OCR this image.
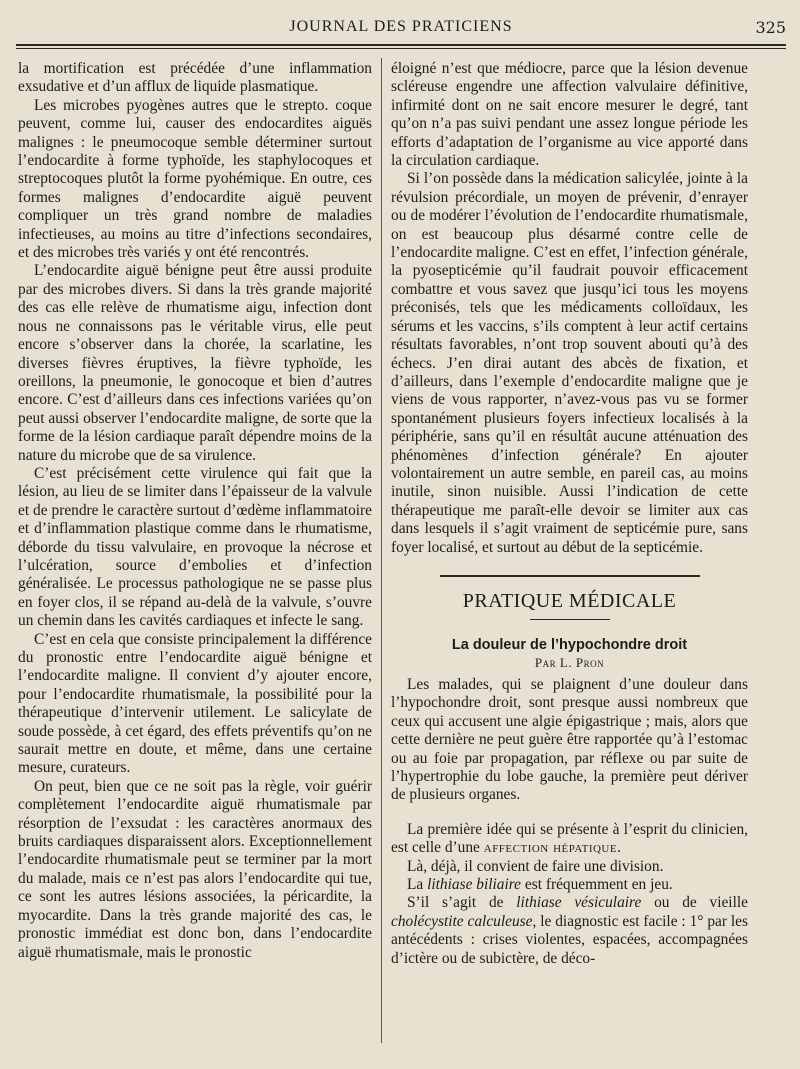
JOURNAL DES PRATICIENS	325

la mortification est précédée d’une inflammation exsudative et d’un afflux de liquide plasmatique.

Les microbes pyogènes autres que le strepto. coque peuvent, comme lui, causer des endocardites aiguës malignes : le pneumocoque semble déterminer surtout l’endocardite à forme typhoïde, les staphylocoques et streptocoques plutôt la forme pyohémique. En outre, ces formes malignes d’endocardite aiguë peuvent compliquer un très grand nombre de maladies infectieuses, au moins au titre d’infections secondaires, et des microbes très variés y ont été rencontrés.

L’endocardite aiguë bénigne peut être aussi produite par des microbes divers. Si dans la très grande majorité des cas elle relève de rhumatisme aigu, infection dont nous ne connaissons pas le véritable virus, elle peut encore s’observer dans la chorée, la scarlatine, les diverses fièvres éruptives, la fièvre typhoïde, les oreillons, la pneumonie, le gonocoque et bien d’autres encore. C’est d’ailleurs dans ces infections variées qu’on peut aussi observer l’endocardite maligne, de sorte que la forme de la lésion cardiaque paraît dépendre moins de la nature du microbe que de sa virulence.

C’est précisément cette virulence qui fait que la lésion, au lieu de se limiter dans l’épaisseur de la valvule et de prendre le caractère surtout d’œdème inflammatoire et d’inflammation plastique comme dans le rhumatisme, déborde du tissu valvulaire, en provoque la nécrose et l’ulcération, source d’embolies et d’infection généralisée. Le processus pathologique ne se passe plus en foyer clos, il se répand au-delà de la valvule, s’ouvre un chemin dans les cavités cardiaques et infecte le sang.

C’est en cela que consiste principalement la différence du pronostic entre l’endocardite aiguë bénigne et l’endocardite maligne. Il convient d’y ajouter encore, pour l’endocardite rhumatismale, la possibilité pour la thérapeutique d’intervenir utilement. Le salicylate de soude possède, à cet égard, des effets préventifs qu’on ne saurait mettre en doute, et même, dans une certaine mesure, curateurs.

On peut, bien que ce ne soit pas la règle, voir guérir complètement l’endocardite aiguë rhumatismale par résorption de l’exsudat : les caractères anormaux des bruits cardiaques disparaissent alors. Exceptionnellement l’endocardite rhumatismale peut se terminer par la mort du malade, mais ce n’est pas alors l’endocardite qui tue, ce sont les autres lésions associées, la péricardite, la myocardite. Dans la très grande majorité des cas, le pronostic immédiat est donc bon, dans l’endocardite aiguë rhumatismale, mais le pronostic

éloigné n’est que médiocre, parce que la lésion devenue scléreuse engendre une affection valvulaire définitive, infirmité dont on ne sait encore mesurer le degré, tant qu’on n’a pas suivi pendant une assez longue période les efforts d’adaptation de l’organisme au vice apporté dans la circulation cardiaque.

Si l’on possède dans la médication salicylée, jointe à la révulsion précordiale, un moyen de prévenir, d’enrayer ou de modérer l’évolution de l’endocardite rhumatismale, on est beaucoup plus désarmé contre celle de l’endocardite maligne. C’est en effet, l’infection générale, la pyosepticémie qu’il faudrait pouvoir efficacement combattre et vous savez que jusqu’ici tous les moyens préconisés, tels que les médicaments colloïdaux, les sérums et les vaccins, s’ils comptent à leur actif certains résultats favorables, n’ont trop souvent abouti qu’à des échecs. J’en dirai autant des abcès de fixation, et d’ailleurs, dans l’exemple d’endocardite maligne que je viens de vous rapporter, n’avez-vous pas vu se former spontanément plusieurs foyers infectieux localisés à la périphérie, sans qu’il en résultât aucune atténuation des phénomènes d’infection générale? En ajouter volontairement un autre semble, en pareil cas, au moins inutile, sinon nuisible. Aussi l’indication de cette thérapeutique me paraît-elle devoir se limiter aux cas dans lesquels il s’agit vraiment de septicémie pure, sans foyer localisé, et surtout au début de la septicémie.

PRATIQUE MÉDICALE
La douleur de l’hypochondre droit
Par L. Pron

Les malades, qui se plaignent d’une douleur dans l’hypochondre droit, sont presque aussi nombreux que ceux qui accusent une algie épigastrique ; mais, alors que cette dernière ne peut guère être rapportée qu’à l’estomac ou au foie par propagation, par réflexe ou par suite de l’hypertrophie du lobe gauche, la première peut dériver de plusieurs organes.

La première idée qui se présente à l’esprit du clinicien, est celle d’une affection hépatique.

Là, déjà, il convient de faire une division.

La lithiase biliaire est fréquemment en jeu.

S’il s’agit de lithiase vésiculaire ou de vieille cholécystite calculeuse, le diagnostic est facile : 1° par les antécédents : crises violentes, espacées, accompagnées d’ictère ou de subictère, de déco-
